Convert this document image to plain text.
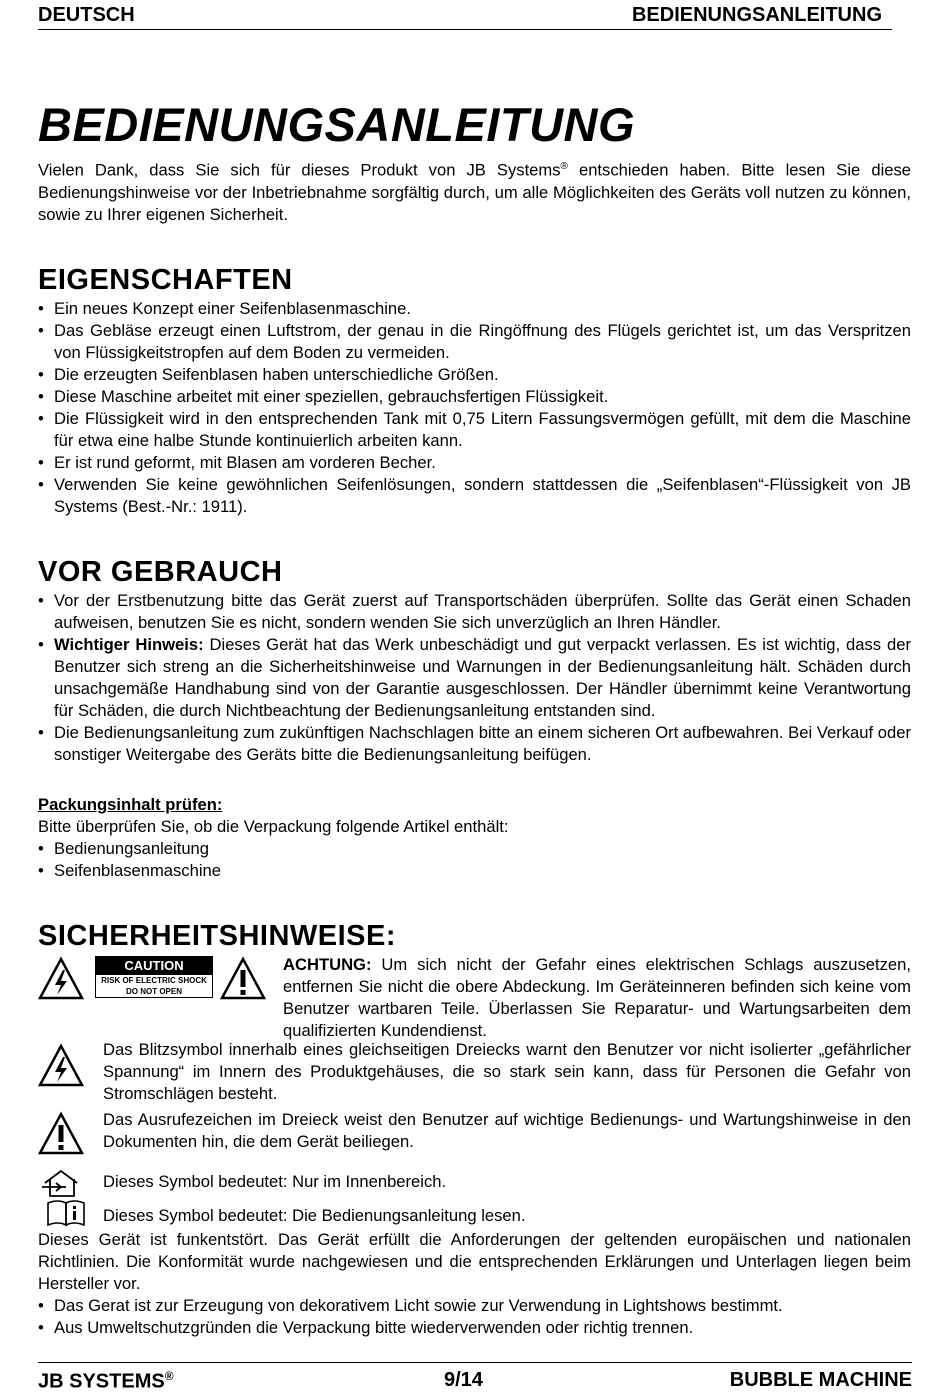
DEUTSCH	BEDIENUNGSANLEITUNG
BEDIENUNGSANLEITUNG

Vielen Dank, dass Sie sich für dieses Produkt von JB Systems® entschieden haben. Bitte lesen Sie diese Bedienungshinweise vor der Inbetriebnahme sorgfältig durch, um alle Möglichkeiten des Geräts voll nutzen zu können, sowie zu Ihrer eigenen Sicherheit.

EIGENSCHAFTEN
• Ein neues Konzept einer Seifenblasenmaschine.
• Das Gebläse erzeugt einen Luftstrom, der genau in die Ringöffnung des Flügels gerichtet ist, um das Verspritzen von Flüssigkeitstropfen auf dem Boden zu vermeiden.
• Die erzeugten Seifenblasen haben unterschiedliche Größen.
• Diese Maschine arbeitet mit einer speziellen, gebrauchsfertigen Flüssigkeit.
• Die Flüssigkeit wird in den entsprechenden Tank mit 0,75 Litern Fassungsvermögen gefüllt, mit dem die Maschine für etwa eine halbe Stunde kontinuierlich arbeiten kann.
• Er ist rund geformt, mit Blasen am vorderen Becher.
• Verwenden Sie keine gewöhnlichen Seifenlösungen, sondern stattdessen die „Seifenblasen“-Flüssigkeit von JB Systems (Best.-Nr.: 1911).
VOR GEBRAUCH
• Vor der Erstbenutzung bitte das Gerät zuerst auf Transportschäden überprüfen. Sollte das Gerät einen Schaden aufweisen, benutzen Sie es nicht, sondern wenden Sie sich unverzüglich an Ihren Händler.
• Wichtiger Hinweis: Dieses Gerät hat das Werk unbeschädigt und gut verpackt verlassen. Es ist wichtig, dass der Benutzer sich streng an die Sicherheitshinweise und Warnungen in der Bedienungsanleitung hält. Schäden durch unsachgemäße Handhabung sind von der Garantie ausgeschlossen. Der Händler übernimmt keine Verantwortung für Schäden, die durch Nichtbeachtung der Bedienungsanleitung entstanden sind.
• Die Bedienungsanleitung zum zukünftigen Nachschlagen bitte an einem sicheren Ort aufbewahren. Bei Verkauf oder sonstiger Weitergabe des Geräts bitte die Bedienungsanleitung beifügen.
Packungsinhalt prüfen:

Bitte überprüfen Sie, ob die Verpackung folgende Artikel enthält:

• Bedienungsanleitung
• Seifenblasenmaschine
SICHERHEITSHINWEISE:
CAUTION
RISK OF ELECTRIC SHOCK
DO NOT OPEN

ACHTUNG: Um sich nicht der Gefahr eines elektrischen Schlags auszusetzen, entfernen Sie nicht die obere Abdeckung. Im Geräteinneren befinden sich keine vom Benutzer wartbaren Teile. Überlassen Sie Reparatur- und Wartungsarbeiten dem qualifizierten Kundendienst.

Das Blitzsymbol innerhalb eines gleichseitigen Dreiecks warnt den Benutzer vor nicht isolierter „gefährlicher Spannung“ im Innern des Produktgehäuses, die so stark sein kann, dass für Personen die Gefahr von Stromschlägen besteht.

Das Ausrufezeichen im Dreieck weist den Benutzer auf wichtige Bedienungs- und Wartungshinweise in den Dokumenten hin, die dem Gerät beiliegen.

Dieses Symbol bedeutet: Nur im Innenbereich.

Dieses Symbol bedeutet: Die Bedienungsanleitung lesen.

Dieses Gerät ist funkentstört. Das Gerät erfüllt die Anforderungen der geltenden europäischen und nationalen Richtlinien. Die Konformität wurde nachgewiesen und die entsprechenden Erklärungen und Unterlagen liegen beim Hersteller vor.

• Das Gerat ist zur Erzeugung von dekorativem Licht sowie zur Verwendung in Lightshows bestimmt.
• Aus Umweltschutzgründen die Verpackung bitte wiederverwenden oder richtig trennen.
JB SYSTEMS®	9/14	BUBBLE MACHINE
